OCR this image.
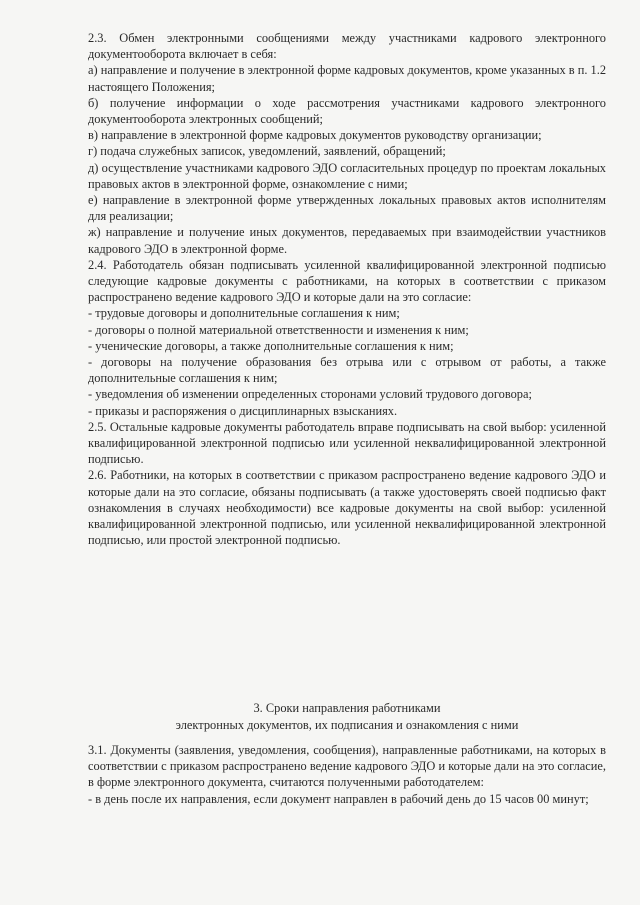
2.3. Обмен электронными сообщениями между участниками кадрового электронного документооборота включает в себя:

а) направление и получение в электронной форме кадровых документов, кроме указанных в п. 1.2 настоящего Положения;

б) получение информации о ходе рассмотрения участниками кадрового электронного документооборота электронных сообщений;

в) направление в электронной форме кадровых документов руководству организации;

г) подача служебных записок, уведомлений, заявлений, обращений;

д) осуществление участниками кадрового ЭДО согласительных процедур по проектам локальных правовых актов в электронной форме, ознакомление с ними;

е) направление в электронной форме утвержденных локальных правовых актов исполнителям для реализации;

ж) направление и получение иных документов, передаваемых при взаимодействии участников кадрового ЭДО в электронной форме.

2.4. Работодатель обязан подписывать усиленной квалифицированной электронной подписью следующие кадровые документы с работниками, на которых в соответствии с приказом распространено ведение кадрового ЭДО и которые дали на это согласие:

- трудовые договоры и дополнительные соглашения к ним;

- договоры о полной материальной ответственности и изменения к ним;

- ученические договоры, а также дополнительные соглашения к ним;

- договоры на получение образования без отрыва или с отрывом от работы, а также дополнительные соглашения к ним;

- уведомления об изменении определенных сторонами условий трудового договора;

- приказы и распоряжения о дисциплинарных взысканиях.

2.5. Остальные кадровые документы работодатель вправе подписывать на свой выбор: усиленной квалифицированной электронной подписью или усиленной неквалифицированной электронной подписью.

2.6. Работники, на которых в соответствии с приказом распространено ведение кадрового ЭДО и которые дали на это согласие, обязаны подписывать (а также удостоверять своей подписью факт ознакомления в случаях необходимости) все кадровые документы на свой выбор: усиленной квалифицированной электронной подписью, или усиленной неквалифицированной электронной подписью, или простой электронной подписью.

3. Сроки направления работниками

электронных документов, их подписания и ознакомления с ними

3.1. Документы (заявления, уведомления, сообщения), направленные работниками, на которых в соответствии с приказом распространено ведение кадрового ЭДО и которые дали на это согласие, в форме электронного документа, считаются полученными работодателем:

- в день после их направления, если документ направлен в рабочий день до 15 часов 00 минут;
